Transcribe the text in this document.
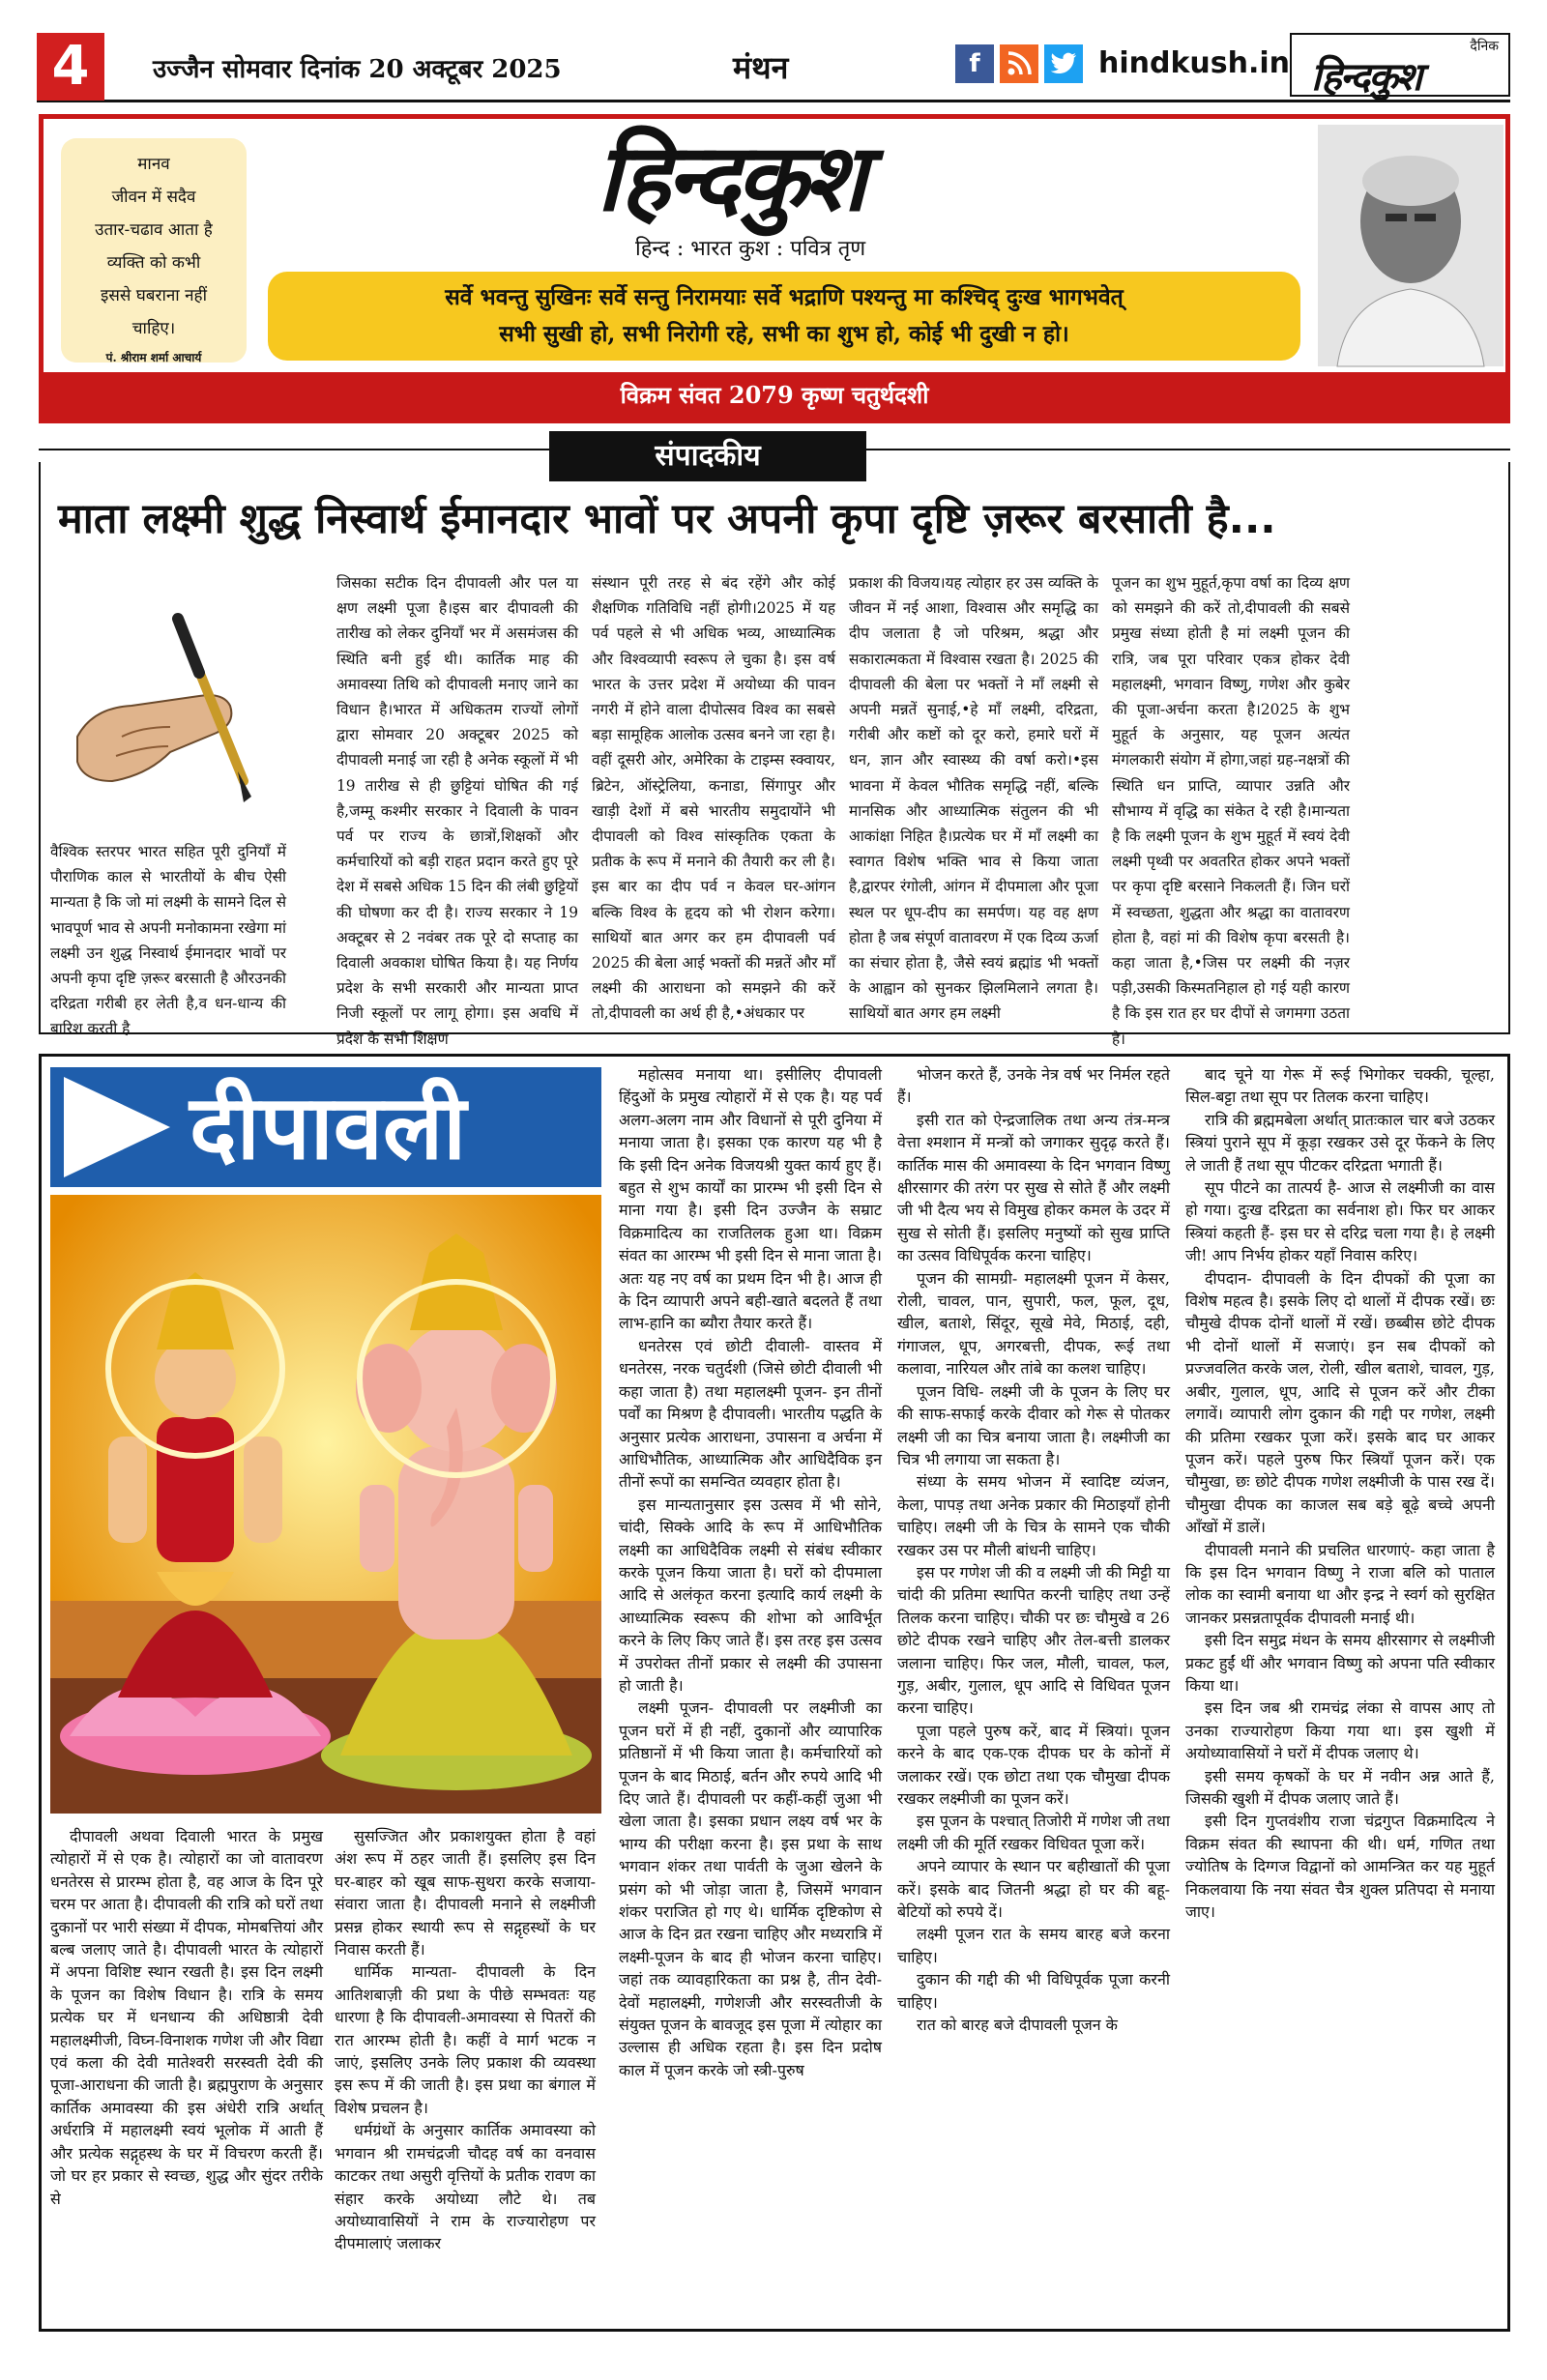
4	उज्जैन सोमवार दिनांक 20 अक्टूबर 2025	मंथन	f	hindkush.in	दैनिक
हिन्दकुश
मानव
जीवन में सदैव
उतार-चढाव आता है
व्यक्ति को कभी
इससे घबराना नहीं
चाहिए।
पं. श्रीराम शर्मा आचार्य
हिन्दकुश
हिन्द : भारत कुश : पवित्र तृण
सर्वे भवन्तु सुखिनः सर्वे सन्तु निरामयाः सर्वे भद्राणि पश्यन्तु मा कश्चिद् दुःख भागभवेत्
सभी सुखी हो, सभी निरोगी रहे, सभी का शुभ हो, कोई भी दुखी न हो।
विक्रम संवत 2079 कृष्ण चतुर्थदशी
संपादकीय
माता लक्ष्मी शुद्ध निस्वार्थ ईमानदार भावों पर अपनी कृपा दृष्टि ज़रूर बरसाती है...
वैश्विक स्तरपर भारत सहित पूरी दुनियाँ में पौराणिक काल से भारतीयों के बीच ऐसी मान्यता है कि जो मां लक्ष्मी के सामने दिल से भावपूर्ण भाव से अपनी मनोकामना रखेगा मां लक्ष्मी उन शुद्ध निस्वार्थ ईमानदार भावों पर अपनी कृपा दृष्टि ज़रूर बरसाती है औरउनकी दरिद्रता गरीबी हर लेती है,व धन-धान्य की बारिश करती है
जिसका सटीक दिन दीपावली और पल या क्षण लक्ष्मी पूजा है।इस बार दीपावली की तारीख को लेकर दुनियाँ भर में असमंजस की स्थिति बनी हुई थी। कार्तिक माह की अमावस्या तिथि को दीपावली मनाए जाने का विधान है।भारत में अधिकतम राज्यों लोगों द्वारा सोमवार 20 अक्टूबर 2025 को दीपावली मनाई जा रही है अनेक स्कूलों में भी 19 तारीख से ही छुट्टियां घोषित की गई है,जम्मू कश्मीर सरकार ने दिवाली के पावन पर्व पर राज्य के छात्रों,शिक्षकों और कर्मचारियों को बड़ी राहत प्रदान करते हुए पूरे देश में सबसे अधिक 15 दिन की लंबी छुट्टियों की घोषणा कर दी है। राज्य सरकार ने 19 अक्टूबर से 2 नवंबर तक पूरे दो सप्ताह का दिवाली अवकाश घोषित किया है। यह निर्णय प्रदेश के सभी सरकारी और मान्यता प्राप्त निजी स्कूलों पर लागू होगा। इस अवधि में प्रदेश के सभी शिक्षण
संस्थान पूरी तरह से बंद रहेंगे और कोई शैक्षणिक गतिविधि नहीं होगी।2025 में यह पर्व पहले से भी अधिक भव्य, आध्यात्मिक और विश्वव्यापी स्वरूप ले चुका है। इस वर्ष भारत के उत्तर प्रदेश में अयोध्या की पावन नगरी में होने वाला दीपोत्सव विश्व का सबसे बड़ा सामूहिक आलोक उत्सव बनने जा रहा है। वहीं दूसरी ओर, अमेरिका के टाइम्स स्क्वायर, ब्रिटेन, ऑस्ट्रेलिया, कनाडा, सिंगापुर और खाड़ी देशों में बसे भारतीय समुदायोंने भी दीपावली को विश्व सांस्कृतिक एकता के प्रतीक के रूप में मनाने की तैयारी कर ली है। इस बार का दीप पर्व न केवल घर-आंगन बल्कि विश्व के हृदय को भी रोशन करेगा। साथियों बात अगर कर हम दीपावली पर्व 2025 की बेला आई भक्तों की मन्नतें और माँ लक्ष्मी की आराधना को समझने की करें तो,दीपावली का अर्थ ही है,•अंधकार पर
प्रकाश की विजय।यह त्योहार हर उस व्यक्ति के जीवन में नई आशा, विश्वास और समृद्धि का दीप जलाता है जो परिश्रम, श्रद्धा और सकारात्मकता में विश्वास रखता है। 2025 की दीपावली की बेला पर भक्तों ने माँ लक्ष्मी से अपनी मन्नतें सुनाई,•हे माँ लक्ष्मी, दरिद्रता, गरीबी और कष्टों को दूर करो, हमारे घरों में धन, ज्ञान और स्वास्थ्य की वर्षा करो।•इस भावना में केवल भौतिक समृद्धि नहीं, बल्कि मानसिक और आध्यात्मिक संतुलन की भी आकांक्षा निहित है।प्रत्येक घर में माँ लक्ष्मी का स्वागत विशेष भक्ति भाव से किया जाता है,द्वारपर रंगोली, आंगन में दीपमाला और पूजा स्थल पर धूप-दीप का समर्पण। यह वह क्षण होता है जब संपूर्ण वातावरण में एक दिव्य ऊर्जा का संचार होता है, जैसे स्वयं ब्रह्मांड भी भक्तों के आह्वान को सुनकर झिलमिलाने लगता है। साथियों बात अगर हम लक्ष्मी
पूजन का शुभ मुहूर्त,कृपा वर्षा का दिव्य क्षण को समझने की करें तो,दीपावली की सबसे प्रमुख संध्या होती है मां लक्ष्मी पूजन की रात्रि, जब पूरा परिवार एकत्र होकर देवी महालक्ष्मी, भगवान विष्णु, गणेश और कुबेर की पूजा-अर्चना करता है।2025 के शुभ मुहूर्त के अनुसार, यह पूजन अत्यंत मंगलकारी संयोग में होगा,जहां ग्रह-नक्षत्रों की स्थिति धन प्राप्ति, व्यापार उन्नति और सौभाग्य में वृद्धि का संकेत दे रही है।मान्यता है कि लक्ष्मी पूजन के शुभ मुहूर्त में स्वयं देवी लक्ष्मी पृथ्वी पर अवतरित होकर अपने भक्तों पर कृपा दृष्टि बरसाने निकलती हैं। जिन घरों में स्वच्छता, शुद्धता और श्रद्धा का वातावरण होता है, वहां मां की विशेष कृपा बरसती है। कहा जाता है,•जिस पर लक्ष्मी की नज़र पड़ी,उसकी किस्मतनिहाल हो गई यही कारण है कि इस रात हर घर दीपों से जगमगा उठता है।
दीपावली

दीपावली अथवा दिवाली भारत के प्रमुख त्योहारों में से एक है। त्योहारों का जो वातावरण धनतेरस से प्रारम्भ होता है, वह आज के दिन पूरे चरम पर आता है। दीपावली की रात्रि को घरों तथा दुकानों पर भारी संख्या में दीपक, मोमबत्तियां और बल्ब जलाए जाते है। दीपावली भारत के त्योहारों में अपना विशिष्ट स्थान रखती है। इस दिन लक्ष्मी के पूजन का विशेष विधान है। रात्रि के समय प्रत्येक घर में धनधान्य की अधिष्ठात्री देवी महालक्ष्मीजी, विघ्न-विनाशक गणेश जी और विद्या एवं कला की देवी मातेश्वरी सरस्वती देवी की पूजा-आराधना की जाती है। ब्रह्मपुराण के अनुसार कार्तिक अमावस्या की इस अंधेरी रात्रि अर्थात् अर्धरात्रि में महालक्ष्मी स्वयं भूलोक में आती हैं और प्रत्येक सद्गृहस्थ के घर में विचरण करती हैं। जो घर हर प्रकार से स्वच्छ, शुद्ध और सुंदर तरीके से

सुसज्जित और प्रकाशयुक्त होता है वहां अंश रूप में ठहर जाती हैं। इसलिए इस दिन घर-बाहर को खूब साफ-सुथरा करके सजाया-संवारा जाता है। दीपावली मनाने से लक्ष्मीजी प्रसन्न होकर स्थायी रूप से सद्गृहस्थों के घर निवास करती हैं।

धार्मिक मान्यता- दीपावली के दिन आतिशबाज़ी की प्रथा के पीछे सम्भवतः यह धारणा है कि दीपावली-अमावस्या से पितरों की रात आरम्भ होती है। कहीं वे मार्ग भटक न जाएं, इसलिए उनके लिए प्रकाश की व्यवस्था इस रूप में की जाती है। इस प्रथा का बंगाल में विशेष प्रचलन है।

धर्मग्रंथों के अनुसार कार्तिक अमावस्या को भगवान श्री रामचंद्रजी चौदह वर्ष का वनवास काटकर तथा असुरी वृत्तियों के प्रतीक रावण का संहार करके अयोध्या लौटे थे। तब अयोध्यावासियों ने राम के राज्यारोहण पर दीपमालाएं जलाकर

महोत्सव मनाया था। इसीलिए दीपावली हिंदुओं के प्रमुख त्योहारों में से एक है। यह पर्व अलग-अलग नाम और विधानों से पूरी दुनिया में मनाया जाता है। इसका एक कारण यह भी है कि इसी दिन अनेक विजयश्री युक्त कार्य हुए हैं। बहुत से शुभ कार्यों का प्रारम्भ भी इसी दिन से माना गया है। इसी दिन उज्जैन के सम्राट विक्रमादित्य का राजतिलक हुआ था। विक्रम संवत का आरम्भ भी इसी दिन से माना जाता है। अतः यह नए वर्ष का प्रथम दिन भी है। आज ही के दिन व्यापारी अपने बही-खाते बदलते हैं तथा लाभ-हानि का ब्यौरा तैयार करते हैं।

धनतेरस एवं छोटी दीवाली- वास्तव में धनतेरस, नरक चतुर्दशी (जिसे छोटी दीवाली भी कहा जाता है) तथा महालक्ष्मी पूजन- इन तीनों पर्वों का मिश्रण है दीपावली। भारतीय पद्धति के अनुसार प्रत्येक आराधना, उपासना व अर्चना में आधिभौतिक, आध्यात्मिक और आधिदैविक इन तीनों रूपों का समन्वित व्यवहार होता है।

इस मान्यतानुसार इस उत्सव में भी सोने, चांदी, सिक्के आदि के रूप में आधिभौतिक लक्ष्मी का आधिदैविक लक्ष्मी से संबंध स्वीकार करके पूजन किया जाता है। घरों को दीपमाला आदि से अलंकृत करना इत्यादि कार्य लक्ष्मी के आध्यात्मिक स्वरूप की शोभा को आविर्भूत करने के लिए किए जाते हैं। इस तरह इस उत्सव में उपरोक्त तीनों प्रकार से लक्ष्मी की उपासना हो जाती है।

लक्ष्मी पूजन- दीपावली पर लक्ष्मीजी का पूजन घरों में ही नहीं, दुकानों और व्यापारिक प्रतिष्ठानों में भी किया जाता है। कर्मचारियों को पूजन के बाद मिठाई, बर्तन और रुपये आदि भी दिए जाते हैं। दीपावली पर कहीं-कहीं जुआ भी खेला जाता है। इसका प्रधान लक्ष्य वर्ष भर के भाग्य की परीक्षा करना है। इस प्रथा के साथ भगवान शंकर तथा पार्वती के जुआ खेलने के प्रसंग को भी जोड़ा जाता है, जिसमें भगवान शंकर पराजित हो गए थे। धार्मिक दृष्टिकोण से आज के दिन व्रत रखना चाहिए और मध्यरात्रि में लक्ष्मी-पूजन के बाद ही भोजन करना चाहिए। जहां तक व्यावहारिकता का प्रश्न है, तीन देवी-देवों महालक्ष्मी, गणेशजी और सरस्वतीजी के संयुक्त पूजन के बावजूद इस पूजा में त्योहार का उल्लास ही अधिक रहता है। इस दिन प्रदोष काल में पूजन करके जो स्त्री-पुरुष

भोजन करते हैं, उनके नेत्र वर्ष भर निर्मल रहते हैं।

इसी रात को ऐन्द्रजालिक तथा अन्य तंत्र-मन्त्र वेत्ता श्मशान में मन्त्रों को जगाकर सुदृढ़ करते हैं। कार्तिक मास की अमावस्या के दिन भगवान विष्णु क्षीरसागर की तरंग पर सुख से सोते हैं और लक्ष्मी जी भी दैत्य भय से विमुख होकर कमल के उदर में सुख से सोती हैं। इसलिए मनुष्यों को सुख प्राप्ति का उत्सव विधिपूर्वक करना चाहिए।

पूजन की सामग्री- महालक्ष्मी पूजन में केसर, रोली, चावल, पान, सुपारी, फल, फूल, दूध, खील, बताशे, सिंदूर, सूखे मेवे, मिठाई, दही, गंगाजल, धूप, अगरबत्ती, दीपक, रूई तथा कलावा, नारियल और तांबे का कलश चाहिए।

पूजन विधि- लक्ष्मी जी के पूजन के लिए घर की साफ-सफाई करके दीवार को गेरू से पोतकर लक्ष्मी जी का चित्र बनाया जाता है। लक्ष्मीजी का चित्र भी लगाया जा सकता है।

संध्या के समय भोजन में स्वादिष्ट व्यंजन, केला, पापड़ तथा अनेक प्रकार की मिठाइयाँ होनी चाहिए। लक्ष्मी जी के चित्र के सामने एक चौकी रखकर उस पर मौली बांधनी चाहिए।

इस पर गणेश जी की व लक्ष्मी जी की मिट्टी या चांदी की प्रतिमा स्थापित करनी चाहिए तथा उन्हें तिलक करना चाहिए। चौकी पर छः चौमुखे व 26 छोटे दीपक रखने चाहिए और तेल-बत्ती डालकर जलाना चाहिए। फिर जल, मौली, चावल, फल, गुड़, अबीर, गुलाल, धूप आदि से विधिवत पूजन करना चाहिए।

पूजा पहले पुरुष करें, बाद में स्त्रियां। पूजन करने के बाद एक-एक दीपक घर के कोनों में जलाकर रखें। एक छोटा तथा एक चौमुखा दीपक रखकर लक्ष्मीजी का पूजन करें।

इस पूजन के पश्चात् तिजोरी में गणेश जी तथा लक्ष्मी जी की मूर्ति रखकर विधिवत पूजा करें।

अपने व्यापार के स्थान पर बहीखातों की पूजा करें। इसके बाद जितनी श्रद्धा हो घर की बहू-बेटियों को रुपये दें।

लक्ष्मी पूजन रात के समय बारह बजे करना चाहिए।

दुकान की गद्दी की भी विधिपूर्वक पूजा करनी चाहिए।

रात को बारह बजे दीपावली पूजन के

बाद चूने या गेरू में रूई भिगोकर चक्की, चूल्हा, सिल-बट्टा तथा सूप पर तिलक करना चाहिए।

रात्रि की ब्रह्ममबेला अर्थात् प्रातःकाल चार बजे उठकर स्त्रियां पुराने सूप में कूड़ा रखकर उसे दूर फेंकने के लिए ले जाती हैं तथा सूप पीटकर दरिद्रता भगाती हैं।

सूप पीटने का तात्पर्य है- आज से लक्ष्मीजी का वास हो गया। दुःख दरिद्रता का सर्वनाश हो। फिर घर आकर स्त्रियां कहती हैं- इस घर से दरिद्र चला गया है। हे लक्ष्मी जी! आप निर्भय होकर यहाँ निवास करिए।

दीपदान- दीपावली के दिन दीपकों की पूजा का विशेष महत्व है। इसके लिए दो थालों में दीपक रखें। छः चौमुखे दीपक दोनों थालों में रखें। छब्बीस छोटे दीपक भी दोनों थालों में सजाएं। इन सब दीपकों को प्रज्जवलित करके जल, रोली, खील बताशे, चावल, गुड़, अबीर, गुलाल, धूप, आदि से पूजन करें और टीका लगावें। व्यापारी लोग दुकान की गद्दी पर गणेश, लक्ष्मी की प्रतिमा रखकर पूजा करें। इसके बाद घर आकर पूजन करें। पहले पुरुष फिर स्त्रियाँ पूजन करें। एक चौमुखा, छः छोटे दीपक गणेश लक्ष्मीजी के पास रख दें। चौमुखा दीपक का काजल सब बड़े बूढ़े बच्चे अपनी आँखों में डालें।

दीपावली मनाने की प्रचलित धारणाएं- कहा जाता है कि इस दिन भगवान विष्णु ने राजा बलि को पाताल लोक का स्वामी बनाया था और इन्द्र ने स्वर्ग को सुरक्षित जानकर प्रसन्नतापूर्वक दीपावली मनाई थी।

इसी दिन समुद्र मंथन के समय क्षीरसागर से लक्ष्मीजी प्रकट हुईं थीं और भगवान विष्णु को अपना पति स्वीकार किया था।

इस दिन जब श्री रामचंद्र लंका से वापस आए तो उनका राज्यारोहण किया गया था। इस खुशी में अयोध्यावासियों ने घरों में दीपक जलाए थे।

इसी समय कृषकों के घर में नवीन अन्न आते हैं, जिसकी खुशी में दीपक जलाए जाते हैं।

इसी दिन गुप्तवंशीय राजा चंद्रगुप्त विक्रमादित्य ने विक्रम संवत की स्थापना की थी। धर्म, गणित तथा ज्योतिष के दिग्गज विद्वानों को आमन्त्रित कर यह मुहूर्त निकलवाया कि नया संवत चैत्र शुक्ल प्रतिपदा से मनाया जाए।
